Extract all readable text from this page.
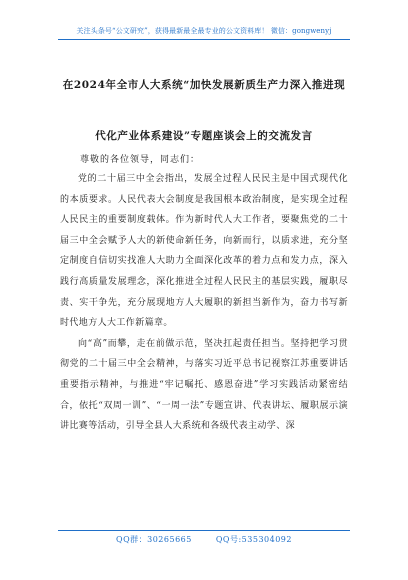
关注头条号“公文研究”，获得最新最全最专业的公文资料库！ 微信：gongwenyj
在2024年全市人大系统“加快发展新质生产力深入推进现
代化产业体系建设”专题座谈会上的交流发言
尊敬的各位领导，同志们：

党的二十届三中全会指出，发展全过程人民民主是中国式现代化的本质要求。人民代表大会制度是我国根本政治制度，是实现全过程人民民主的重要制度载体。作为新时代人大工作者，要聚焦党的二十届三中全会赋予人大的新使命新任务，向新而行，以质求进，充分坚定制度自信切实找准人大助力全面深化改革的着力点和发力点，深入践行高质量发展理念，深化推进全过程人民民主的基层实践，履职尽责、实干争先，充分展现地方人大履职的新担当新作为，奋力书写新时代地方人大工作新篇章。

向“高”而攀，走在前做示范，坚决扛起责任担当。坚持把学习贯彻党的二十届三中全会精神，与落实习近平总书记视察江苏重要讲话重要指示精神，与推进“牢记嘱托、感恩奋进”学习实践活动紧密结合，依托“双周一训”、“一周一法”专题宣讲、代表讲坛、履职展示演讲比赛等活动，引导全县人大系统和各级代表主动学、深

QQ群：30265665	QQ号:535304092
